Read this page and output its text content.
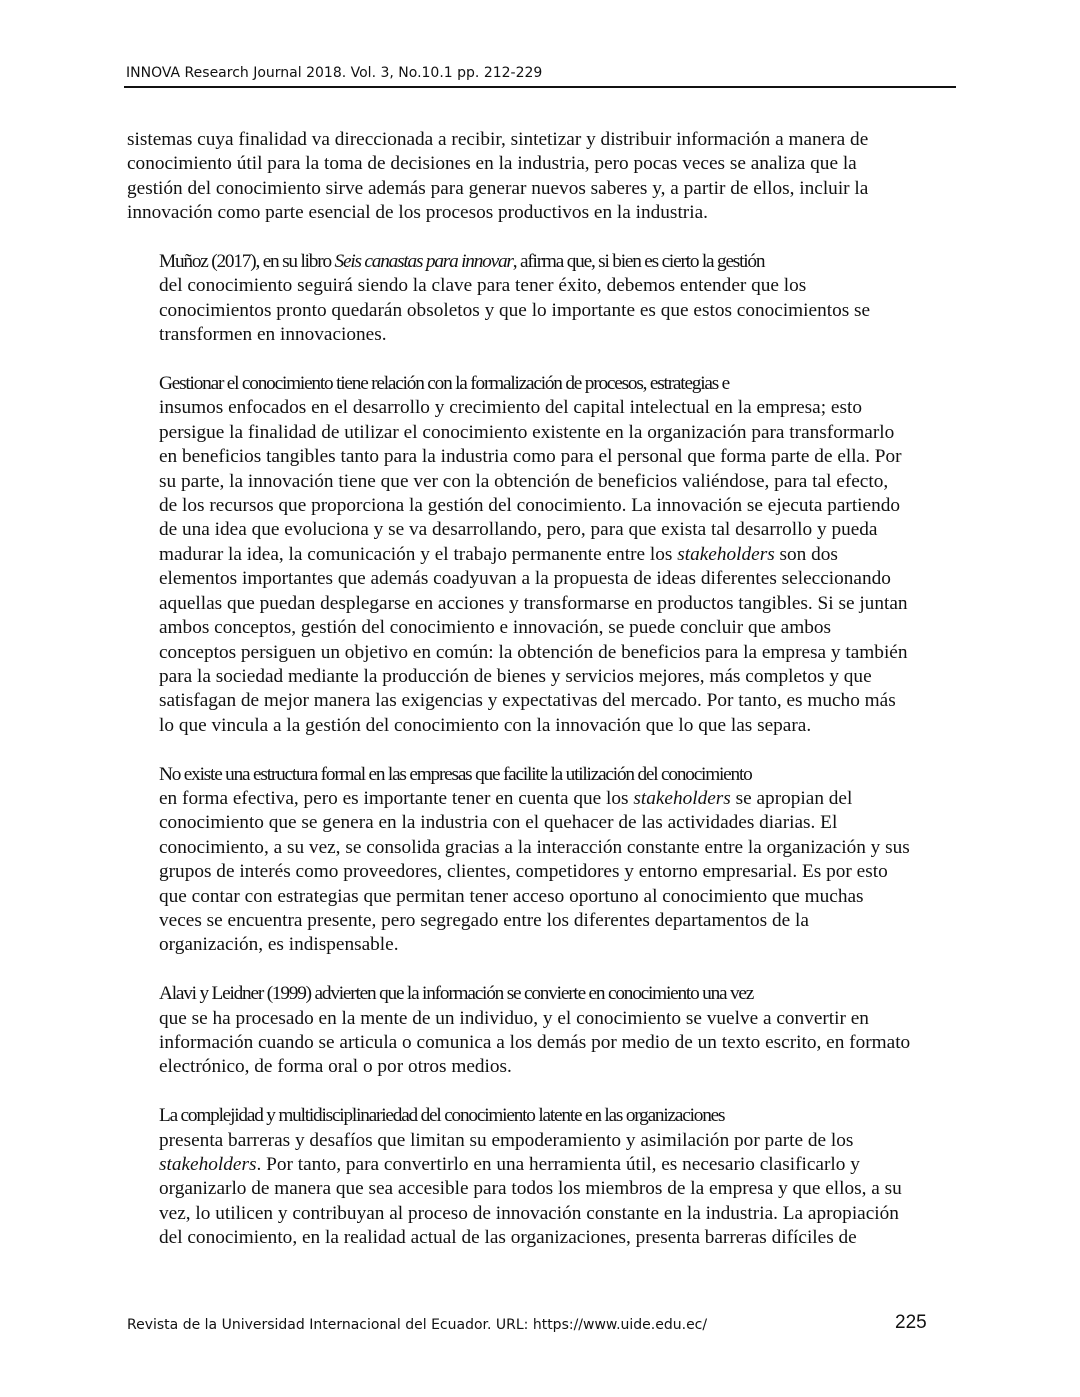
INNOVA Research Journal 2018. Vol. 3, No.10.1 pp. 212-229

sistemas cuya finalidad va direccionada a recibir, sintetizar y distribuir información a manera de
conocimiento útil para la toma de decisiones en la industria, pero pocas veces se analiza que la
gestión del conocimiento sirve además para generar nuevos saberes y, a partir de ellos, incluir la
innovación como parte esencial de los procesos productivos en la industria.

Muñoz (2017), en su libro Seis canastas para innovar, afirma que, si bien es cierto la gestión
del conocimiento seguirá siendo la clave para tener éxito, debemos entender que los
conocimientos pronto quedarán obsoletos y que lo importante es que estos conocimientos se
transformen en innovaciones.

Gestionar el conocimiento tiene relación con la formalización de procesos, estrategias e
insumos enfocados en el desarrollo y crecimiento del capital intelectual en la empresa; esto
persigue la finalidad de utilizar el conocimiento existente en la organización para transformarlo
en beneficios tangibles tanto para la industria como para el personal que forma parte de ella. Por
su parte, la innovación tiene que ver con la obtención de beneficios valiéndose, para tal efecto,
de los recursos que proporciona la gestión del conocimiento. La innovación se ejecuta partiendo
de una idea que evoluciona y se va desarrollando, pero, para que exista tal desarrollo y pueda
madurar la idea, la comunicación y el trabajo permanente entre los stakeholders son dos
elementos importantes que además coadyuvan a la propuesta de ideas diferentes seleccionando
aquellas que puedan desplegarse en acciones y transformarse en productos tangibles. Si se juntan
ambos conceptos, gestión del conocimiento e innovación, se puede concluir que ambos
conceptos persiguen un objetivo en común: la obtención de beneficios para la empresa y también
para la sociedad mediante la producción de bienes y servicios mejores, más completos y que
satisfagan de mejor manera las exigencias y expectativas del mercado. Por tanto, es mucho más
lo que vincula a la gestión del conocimiento con la innovación que lo que las separa.

No existe una estructura formal en las empresas que facilite la utilización del conocimiento
en forma efectiva, pero es importante tener en cuenta que los stakeholders se apropian del
conocimiento que se genera en la industria con el quehacer de las actividades diarias. El
conocimiento, a su vez, se consolida gracias a la interacción constante entre la organización y sus
grupos de interés como proveedores, clientes, competidores y entorno empresarial. Es por esto
que contar con estrategias que permitan tener acceso oportuno al conocimiento que muchas
veces se encuentra presente, pero segregado entre los diferentes departamentos de la
organización, es indispensable.

Alavi y Leidner (1999) advierten que la información se convierte en conocimiento una vez
que se ha procesado en la mente de un individuo, y el conocimiento se vuelve a convertir en
información cuando se articula o comunica a los demás por medio de un texto escrito, en formato
electrónico, de forma oral o por otros medios.

La complejidad y multidisciplinariedad del conocimiento latente en las organizaciones
presenta barreras y desafíos que limitan su empoderamiento y asimilación por parte de los
stakeholders. Por tanto, para convertirlo en una herramienta útil, es necesario clasificarlo y
organizarlo de manera que sea accesible para todos los miembros de la empresa y que ellos, a su
vez, lo utilicen y contribuyan al proceso de innovación constante en la industria. La apropiación
del conocimiento, en la realidad actual de las organizaciones, presenta barreras difíciles de

Revista de la Universidad Internacional del Ecuador. URL: https://www.uide.edu.ec/	225
